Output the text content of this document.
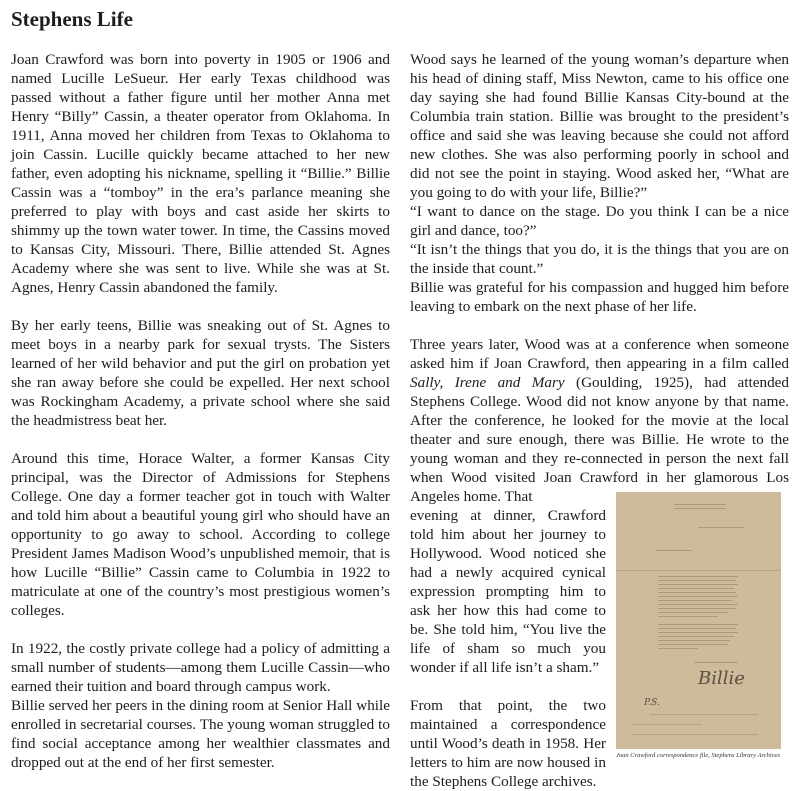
Stephens Life

Joan Crawford was born into poverty in 1905 or 1906 and named Lucille LeSueur. Her early Texas childhood was passed without a father figure until her mother Anna met Henry “Billy” Cassin, a theater operator from Oklahoma. In 1911, Anna moved her children from Texas to Oklahoma to join Cassin. Lucille quickly became attached to her new father, even adopting his nickname, spelling it “Billie.” Billie Cassin was a “tomboy” in the era’s parlance meaning she preferred to play with boys and cast aside her skirts to shimmy up the town water tower. In time, the Cassins moved to Kansas City, Missouri. There, Billie attended St. Agnes Academy where she was sent to live. While she was at St. Agnes, Henry Cassin abandoned the family.

By her early teens, Billie was sneaking out of St. Agnes to meet boys in a nearby park for sexual trysts. The Sisters learned of her wild behavior and put the girl on probation yet she ran away before she could be expelled. Her next school was Rockingham Academy, a private school where she said the headmistress beat her.

Around this time, Horace Walter, a former Kansas City principal, was the Director of Admissions for Stephens College. One day a former teacher got in touch with Walter and told him about a beautiful young girl who should have an opportunity to go away to school. According to college President James Madison Wood’s unpublished memoir, that is how Lucille “Billie” Cassin came to Columbia in 1922 to matriculate at one of the country’s most prestigious women’s colleges.

In 1922, the costly private college had a policy of admitting a small number of students—among them Lucille Cassin—who earned their tuition and board through campus work.

Billie served her peers in the dining room at Senior Hall while enrolled in secretarial courses. The young woman struggled to find social acceptance among her wealthier classmates and dropped out at the end of her first semester.

Wood says he learned of the young woman’s departure when his head of dining staff, Miss Newton, came to his office one day saying she had found Billie Kansas City-bound at the Columbia train station. Billie was brought to the president’s office and said she was leaving because she could not afford new clothes. She was also performing poorly in school and did not see the point in staying. Wood asked her, “What are you going to do with your life, Billie?”

“I want to dance on the stage. Do you think I can be a nice girl and dance, too?”

“It isn’t the things that you do, it is the things that you are on the inside that count.”

Billie was grateful for his compassion and hugged him before leaving to embark on the next phase of her life.

Three years later, Wood was at a conference when someone asked him if Joan Crawford, then appearing in a film called Sally, Irene and Mary (Goulding, 1925), had attended Stephens College. Wood did not know anyone by that name. After the conference, he looked for the movie at the local theater and sure enough, there was Billie. He wrote to the young woman and they re-connected in person the next fall when Wood visited Joan Crawford in her glamorous Los Angeles home. That

evening at dinner, Crawford told him about her journey to Hollywood. Wood noticed she had a newly acquired cynical expression prompting him to ask her how this had come to be. She told him, “You live the life of sham so much you wonder if all life isn’t a sham.”

From that point, the two maintained a correspondence until Wood’s death in 1958. Her letters to him are now housed in the Stephens College archives.

Billie
P.S.
Joan Crawford correspondence file, Stephens Library Archives
